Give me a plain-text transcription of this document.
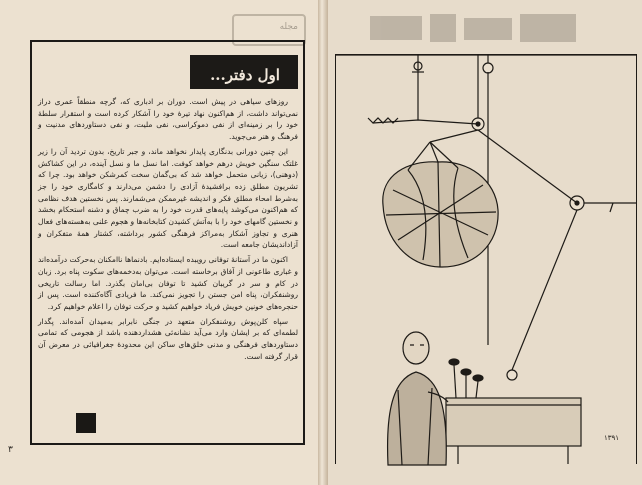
مجله‌
اول دفتر...

روزهای سیاهی در پیش است. دوران بر ادباری که، گرچه منطقاً عمری دراز نمی‌تواند داشت، از هم‌اکنون نهاد تیرهٔ خود را آشکار کرده است و استقرار سلطهٔ خود را بر زمینه‌ای از نفی دموکراسی، نفی ملیت، و نفی دستاوردهای مدنیت و فرهنگ و هنر می‌جوید.

این چنین دورانی بدنگاری پایدار نخواهد ماند، و جبر تاریخ، بدون تردید آن را زیر غلتک سنگین خویش درهم خواهد کوفت. اما نسل ما و نسل آینده، در این کشاکش (دوهنی)، زیانی متحمل خواهد شد که بی‌گمان سخت کمرشکن خواهد بود. چرا که تشریون مطلق زده برافشیدهٔ آزادی را دشمن می‌دارند و کامگاری خود را جز به‌شرط امحاء مطلق فکر و اندیشه غیرممکن می‌شمارند. پس نخستین هدف نظامی که هم‌اکنون می‌کوشد پایه‌های قدرت خود را به ضرب چماق و دشنه استحکام بخشد و نخستین گامهای خود را با به‌آتش کشیدن کتابخانه‌ها و هجوم علنی به‌هسته‌های فعال هنری و تجاوز آشکار به‌مراکز فرهنگی کشور برداشته، کشتار همهٔ متفکران و آزاداندیشان جامعه است.

اکنون ما در آستانهٔ توفانی رویبده ایستاده‌ایم. بادنماها ناامکنان به‌حرکت درآمده‌اند و غباری طاعونی از آفاق برخاسته است. می‌توان به‌دخمه‌های سکوت پناه برد. زبان در کام و سر در گریبان کشید تا توفان بی‌امان بگذرد. اما رسالت تاریخی روشنفکران، پناه امن جستن را تجویز نمی‌کند. ما فریادی آگاه‌کننده است. پس از حنجره‌های خونین خویش فریاد خواهیم کشید و حرکت توفان را اعلام خواهیم کرد.

سپاه کلن‌پوش روشنفکران متعهد در جنگی نابرابر به‌میدان آمده‌اند. پگدار لطمه‌ای که بر ایشان وارد می‌آید نشانه‌ئی هشداردهنده باشد از هجومی که تمامی دستاوردهای فرهنگی و مدنی خلق‌های ساکن این محدودهٔ جغرافیائی در معرض آن قرار گرفته است.

۳
۱۳۹۱
